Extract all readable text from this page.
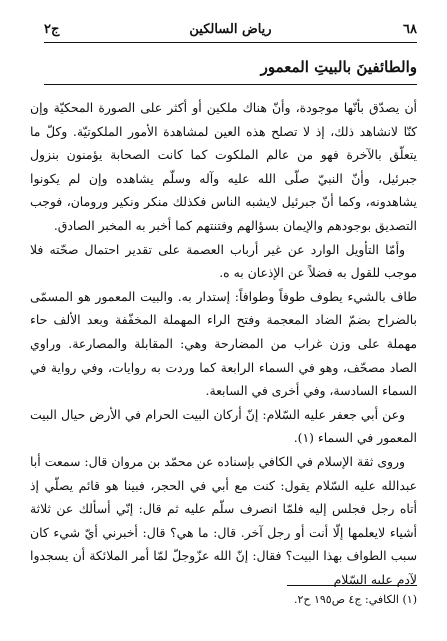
٦٨
رياض السالكين
ج٢
والطائفينَ بالبيتِ المعمور

أن يصدّق بأنّها موجودة، وأنّ هناك ملكين أو أكثر على الصورة المحكيّة وإن كنّا لانشاهد ذلك، إذ لا تصلح هذه العين لمشاهدة الأمور الملكوتيّة. وكلّ ما يتعلّق بالآخرة فهو من عالم الملكوت كما كانت الصحابة يؤمنون بنزول جبرئيل، وأنّ النبيّ صلّى الله عليه وآله وسلّم يشاهده وإن لم يكونوا يشاهدونه، وكما أنّ جبرئيل لايشبه الناس فكذلك منكر ونكير ورومان، فوجب التصديق بوجودهم والإيمان بسؤالهم وفتنتهم كما أخبر به المخبر الصادق.

وأمّا التأويل الوارد عن غير أرباب العصمة على تقدير احتمال صحّته فلا موجب للقول به فضلاً عن الإذعان به ه.

طاف بالشيء يطوف طوفاً وطوافاً: إستدار به. والبيت المعمور هو المسمّى بالضراح بضمّ الضاد المعجمة وفتح الراء المهملة المخفّفة وبعد الألف حاء مهملة على وزن غراب من المضارحة وهي: المقابلة والمصارعة. وراوي الصاد مصحّف، وهو في السماء الرابعة كما وردت به روايات، وفي رواية في السماء السادسة، وفي أخرى في السابعة.

وعن أبي جعفر عليه السّلام: إنّ أركان البيت الحرام في الأرض حيال البيت المعمور في السماء (١).

وروى ثقة الإسلام في الكافي بإسناده عن محمّد بن مروان قال: سمعت أبا عبدالله عليه السّلام يقول: كنت مع أبي في الحجر، فبينا هو قائم يصلّي إذ أتاه رجل فجلس إليه فلمّا انصرف سلّم عليه ثم قال: إنّي أسألك عن ثلاثة أشياء لايعلمها إلّا أنت أو رجل آخر. قال: ما هي؟ قال: أخبرني أيّ شيء كان سبب الطواف بهذا البيت؟ فقال: إنّ الله عزّوجلّ لمّا أمر الملائكة أن يسجدوا لآدم عليه السّلام

(١) الكافي: ج٤ ص١٩٥ ح٢.
